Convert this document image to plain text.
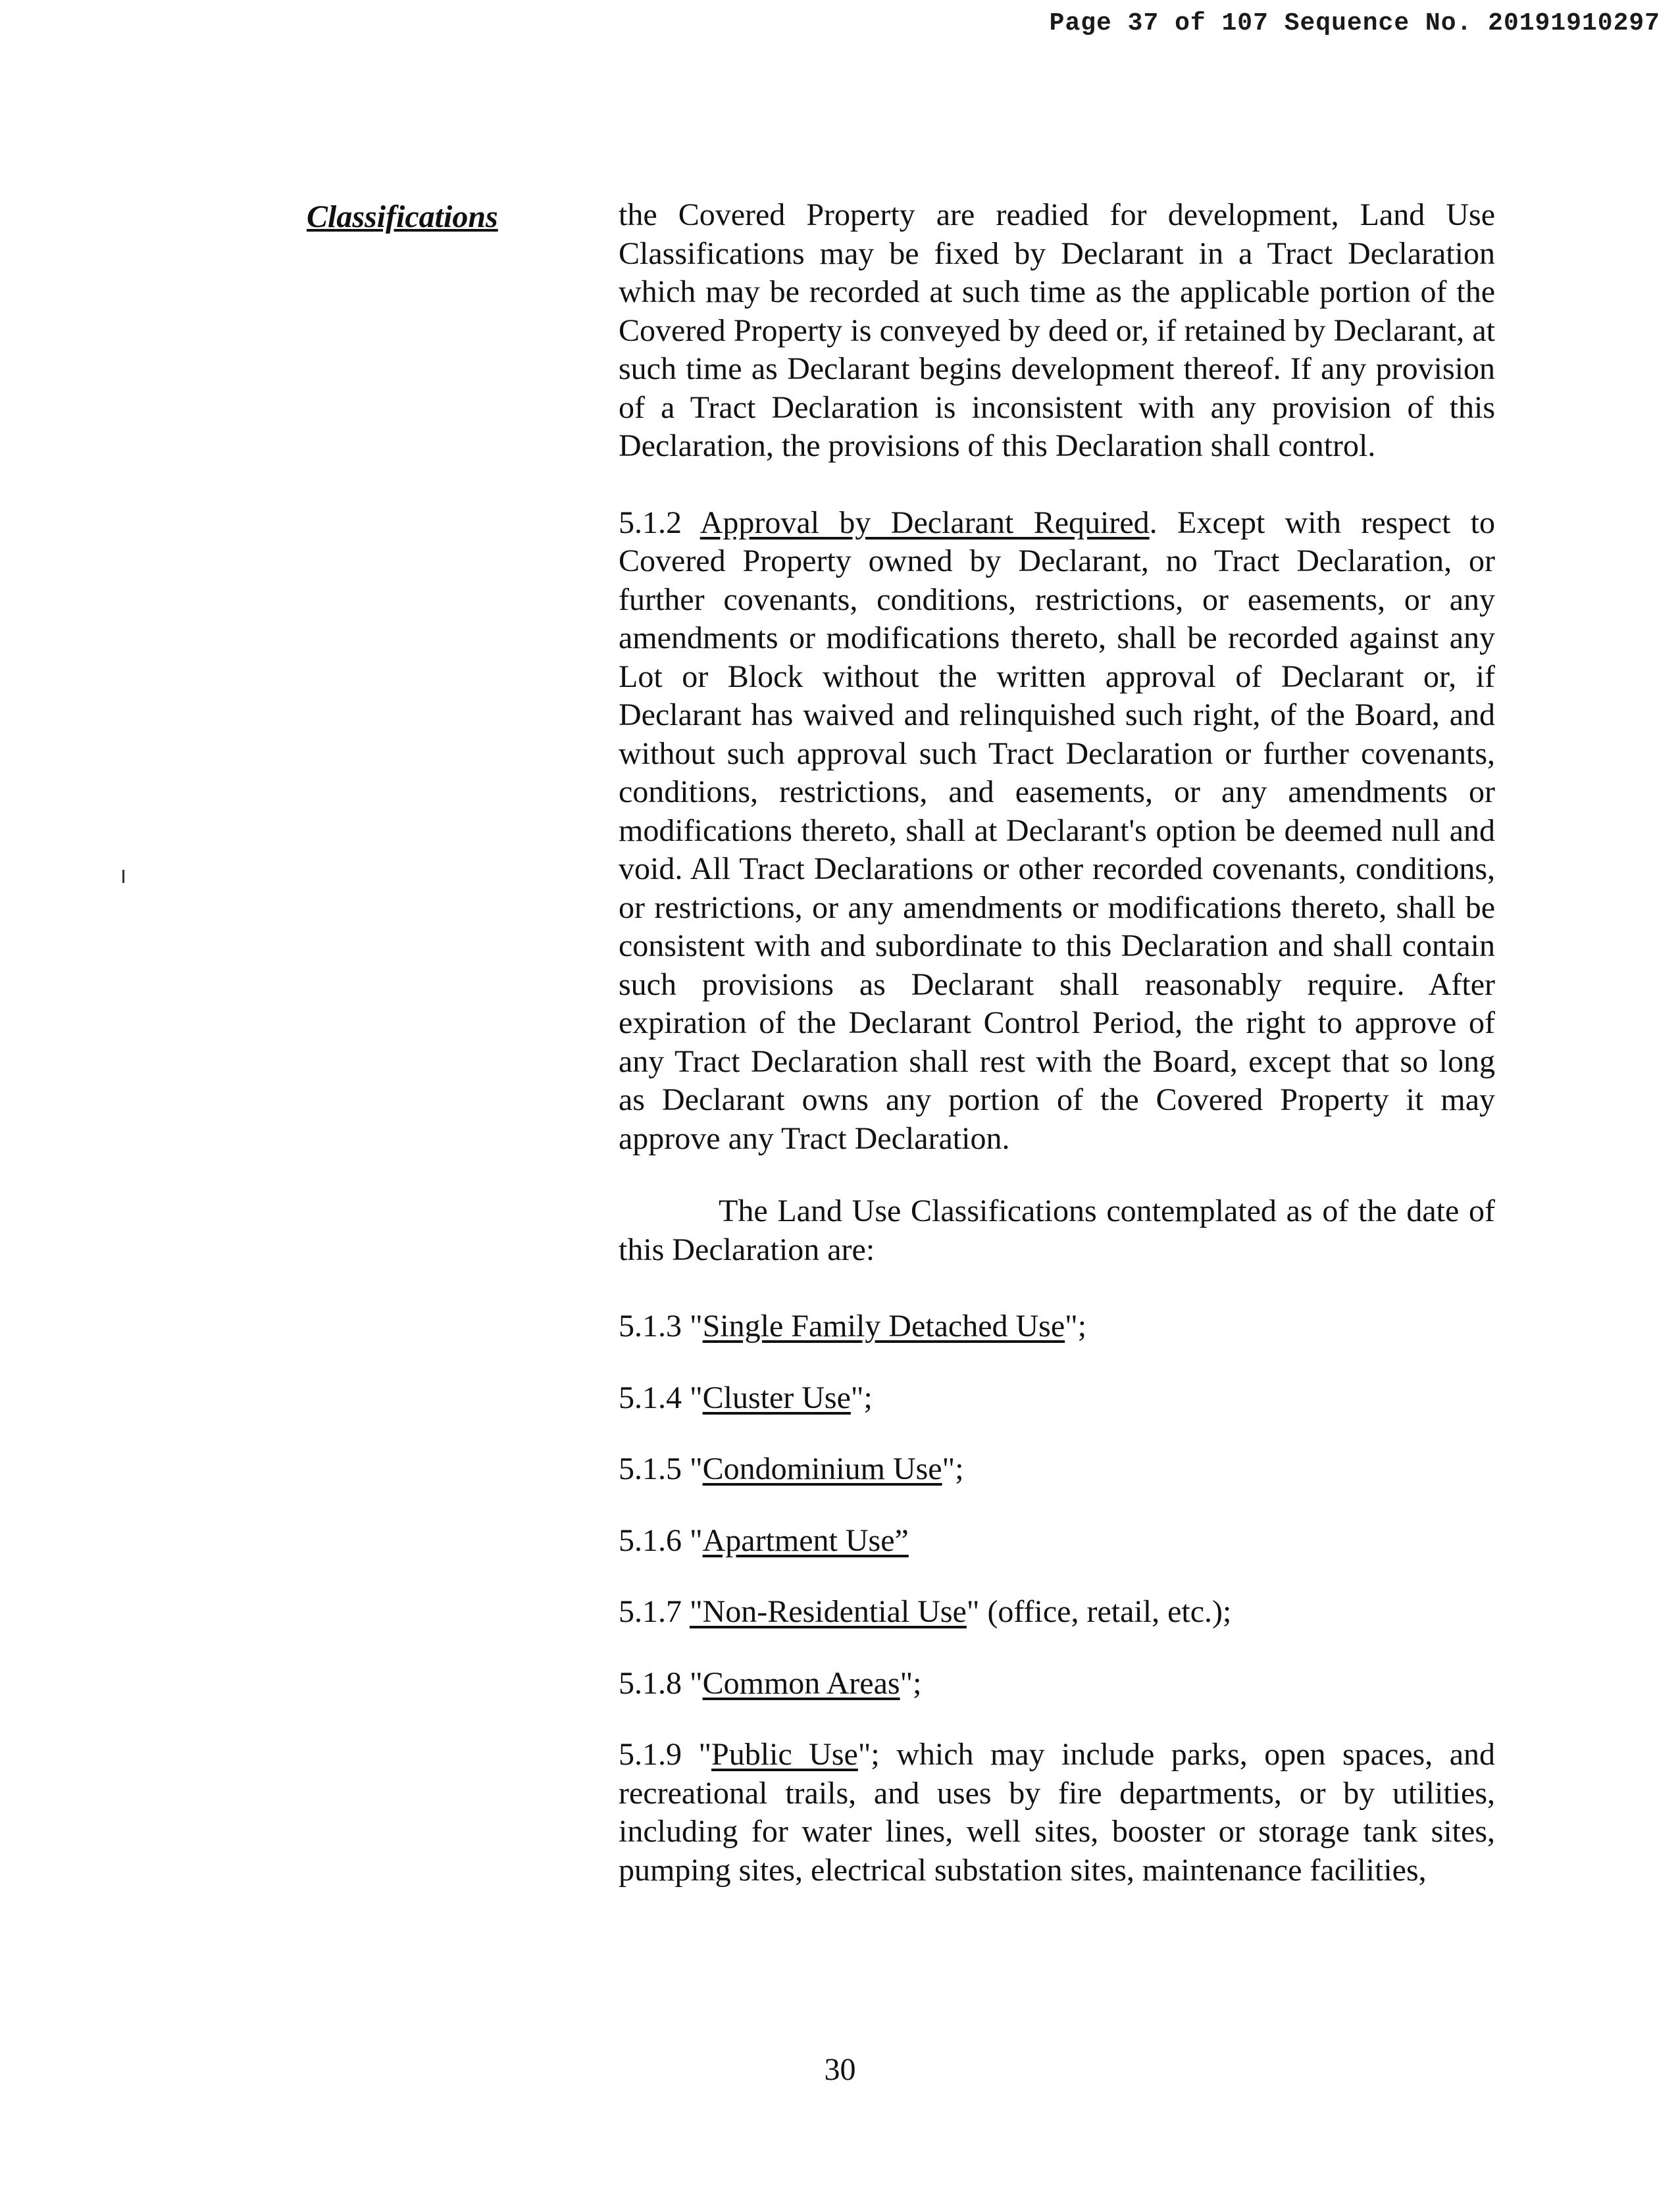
Page 37 of 107 Sequence No. 20191910297
Classifications	the Covered Property are readied for development, Land Use Classifications may be fixed by Declarant in a Tract Declaration which may be recorded at such time as the applicable portion of the Covered Property is conveyed by deed or, if retained by Declarant, at such time as Declarant begins development thereof. If any provision of a Tract Declaration is inconsistent with any provision of this Declaration, the provisions of this Declaration shall control.

5.1.2 Approval by Declarant Required. Except with respect to Covered Property owned by Declarant, no Tract Declaration, or further covenants, conditions, restrictions, or easements, or any amendments or modifications thereto, shall be recorded against any Lot or Block without the written approval of Declarant or, if Declarant has waived and relinquished such right, of the Board, and without such approval such Tract Declaration or further covenants, conditions, restrictions, and easements, or any amendments or modifications thereto, shall at Declarant's option be deemed null and void. All Tract Declarations or other recorded covenants, conditions, or restrictions, or any amendments or modifications thereto, shall be consistent with and subordinate to this Declaration and shall contain such provisions as Declarant shall reasonably require. After expiration of the Declarant Control Period, the right to approve of any Tract Declaration shall rest with the Board, except that so long as Declarant owns any portion of the Covered Property it may approve any Tract Declaration.

The Land Use Classifications contemplated as of the date of this Declaration are:

5.1.3 "Single Family Detached Use";

5.1.4 "Cluster Use";

5.1.5 "Condominium Use";

5.1.6 "Apartment Use”

5.1.7 "Non-Residential Use" (office, retail, etc.);

5.1.8 "Common Areas";

5.1.9 "Public Use"; which may include parks, open spaces, and recreational trails, and uses by fire departments, or by utilities, including for water lines, well sites, booster or storage tank sites, pumping sites, electrical substation sites, maintenance facilities,

30
